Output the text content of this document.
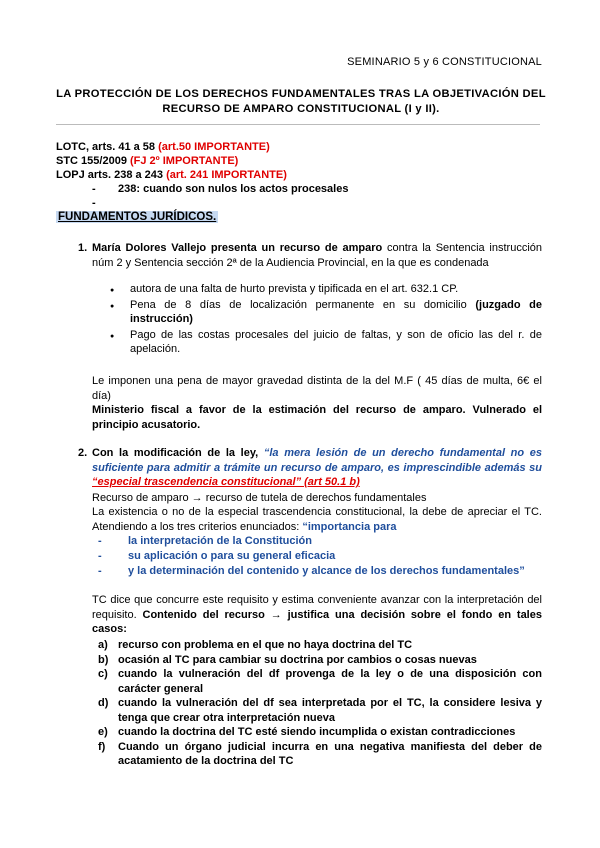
SEMINARIO 5 y 6 CONSTITUCIONAL
LA PROTECCIÓN DE LOS DERECHOS FUNDAMENTALES TRAS LA OBJETIVACIÓN DEL
RECURSO DE AMPARO CONSTITUCIONAL (I y II).
LOTC, arts. 41 a 58 (art.50 IMPORTANTE)
STC 155/2009 (FJ 2º IMPORTANTE)
LOPJ arts. 238 a 243 (art. 241 IMPORTANTE)
- 238: cuando son nulos los actos procesales
-
FUNDAMENTOS JURÍDICOS.
1. María Dolores Vallejo presenta un recurso de amparo contra la Sentencia instrucción núm 2 y Sentencia sección 2ª de la Audiencia Provincial, en la que es condenada
● autora de una falta de hurto prevista y tipificada en el art. 632.1 CP.
● Pena de 8 días de localización permanente en su domicilio (juzgado de instrucción)
● Pago de las costas procesales del juicio de faltas, y son de oficio las del r. de apelación.
Le imponen una pena de mayor gravedad distinta de la del M.F ( 45 días de multa, 6€ el día)
Ministerio fiscal a favor de la estimación del recurso de amparo. Vulnerado el principio acusatorio.
2. Con la modificación de la ley, “la mera lesión de un derecho fundamental no es suficiente para admitir a trámite un recurso de amparo, es imprescindible además su “especial trascendencia constitucional” (art 50.1 b)
Recurso de amparo → recurso de tutela de derechos fundamentales
La existencia o no de la especial trascendencia constitucional, la debe de apreciar el TC. Atendiendo a los tres criterios enunciados: “importancia para
- la interpretación de la Constitución
- su aplicación o para su general eficacia
- y la determinación del contenido y alcance de los derechos fundamentales”
TC dice que concurre este requisito y estima conveniente avanzar con la interpretación del requisito. Contenido del recurso → justifica una decisión sobre el fondo en tales casos:
a) recurso con problema en el que no haya doctrina del TC
b) ocasión al TC para cambiar su doctrina por cambios o cosas nuevas
c) cuando la vulneración del df provenga de la ley o de una disposición con carácter general
d) cuando la vulneración del df sea interpretada por el TC, la considere lesiva y tenga que crear otra interpretación nueva
e) cuando la doctrina del TC esté siendo incumplida o existan contradicciones
f) Cuando un órgano judicial incurra en una negativa manifiesta del deber de acatamiento de la doctrina del TC
